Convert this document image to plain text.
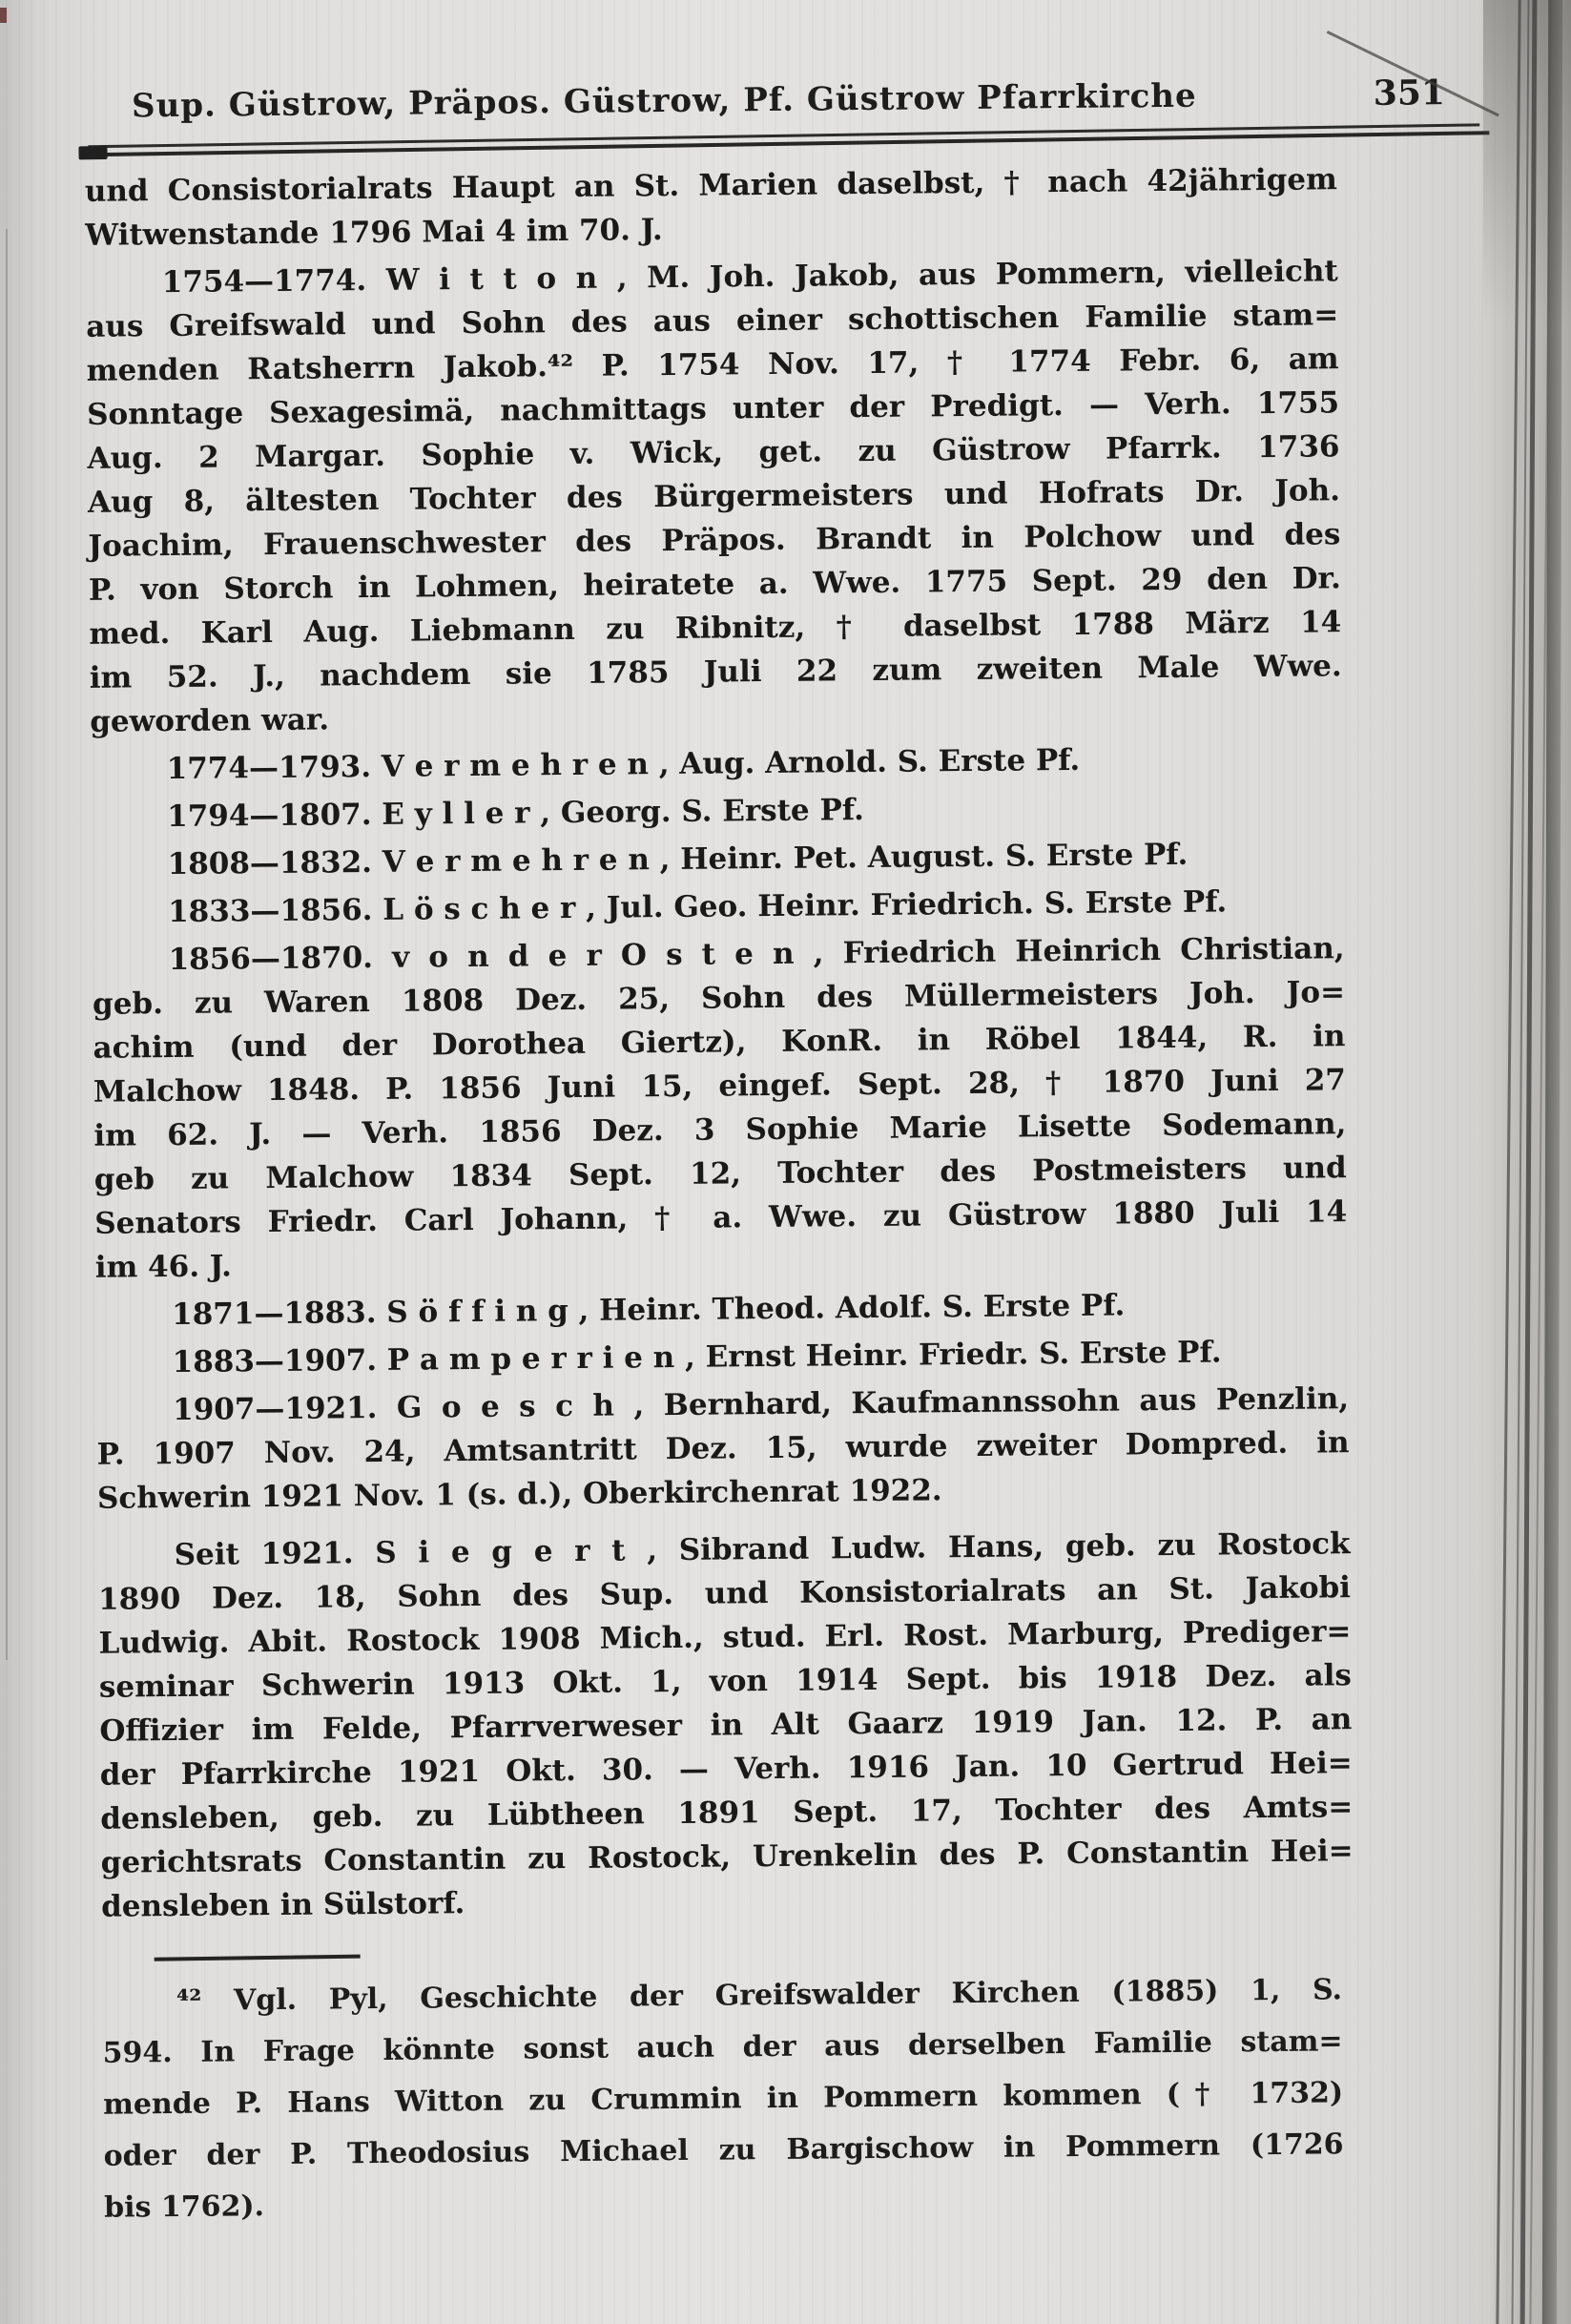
Sup. Güstrow, Präpos. Güstrow, Pf. Güstrow Pfarrkirche	351
und Consistorialrats Haupt an St. Marien daselbst, † nach 42jährigem
Witwenstande 1796 Mai 4 im 70. J.
1754—1774. W i t t o n , M. Joh. Jakob, aus Pommern, vielleicht
aus Greifswald und Sohn des aus einer schottischen Familie stam=
menden Ratsherrn Jakob.⁴² P. 1754 Nov. 17, † 1774 Febr. 6, am
Sonntage Sexagesimä, nachmittags unter der Predigt. — Verh. 1755
Aug. 2 Margar. Sophie v. Wick, get. zu Güstrow Pfarrk. 1736
Aug 8, ältesten Tochter des Bürgermeisters und Hofrats Dr. Joh.
Joachim, Frauenschwester des Präpos. Brandt in Polchow und des
P. von Storch in Lohmen, heiratete a. Wwe. 1775 Sept. 29 den Dr.
med. Karl Aug. Liebmann zu Ribnitz, † daselbst 1788 März 14
im 52. J., nachdem sie 1785 Juli 22 zum zweiten Male Wwe.
geworden war.
1774—1793. V e r m e h r e n , Aug. Arnold. S. Erste Pf.
1794—1807. E y l l e r , Georg. S. Erste Pf.
1808—1832. V e r m e h r e n , Heinr. Pet. August. S. Erste Pf.
1833—1856. L ö s c h e r , Jul. Geo. Heinr. Friedrich. S. Erste Pf.
1856—1870. v o n d e r O s t e n , Friedrich Heinrich Christian,
geb. zu Waren 1808 Dez. 25, Sohn des Müllermeisters Joh. Jo=
achim (und der Dorothea Giertz), KonR. in Röbel 1844, R. in
Malchow 1848. P. 1856 Juni 15, eingef. Sept. 28, † 1870 Juni 27
im 62. J. — Verh. 1856 Dez. 3 Sophie Marie Lisette Sodemann,
geb zu Malchow 1834 Sept. 12, Tochter des Postmeisters und
Senators Friedr. Carl Johann, † a. Wwe. zu Güstrow 1880 Juli 14
im 46. J.
1871—1883. S ö f f i n g , Heinr. Theod. Adolf. S. Erste Pf.
1883—1907. P a m p e r r i e n , Ernst Heinr. Friedr. S. Erste Pf.
1907—1921. G o e s c h , Bernhard, Kaufmannssohn aus Penzlin,
P. 1907 Nov. 24, Amtsantritt Dez. 15, wurde zweiter Dompred. in
Schwerin 1921 Nov. 1 (s. d.), Oberkirchenrat 1922.
Seit 1921. S i e g e r t , Sibrand Ludw. Hans, geb. zu Rostock
1890 Dez. 18, Sohn des Sup. und Konsistorialrats an St. Jakobi
Ludwig. Abit. Rostock 1908 Mich., stud. Erl. Rost. Marburg, Prediger=
seminar Schwerin 1913 Okt. 1, von 1914 Sept. bis 1918 Dez. als
Offizier im Felde, Pfarrverweser in Alt Gaarz 1919 Jan. 12. P. an
der Pfarrkirche 1921 Okt. 30. — Verh. 1916 Jan. 10 Gertrud Hei=
densleben, geb. zu Lübtheen 1891 Sept. 17, Tochter des Amts=
gerichtsrats Constantin zu Rostock, Urenkelin des P. Constantin Hei=
densleben in Sülstorf.
⁴² Vgl. Pyl, Geschichte der Greifswalder Kirchen (1885) 1, S.
594. In Frage könnte sonst auch der aus derselben Familie stam=
mende P. Hans Witton zu Crummin in Pommern kommen († 1732)
oder der P. Theodosius Michael zu Bargischow in Pommern (1726
bis 1762).
